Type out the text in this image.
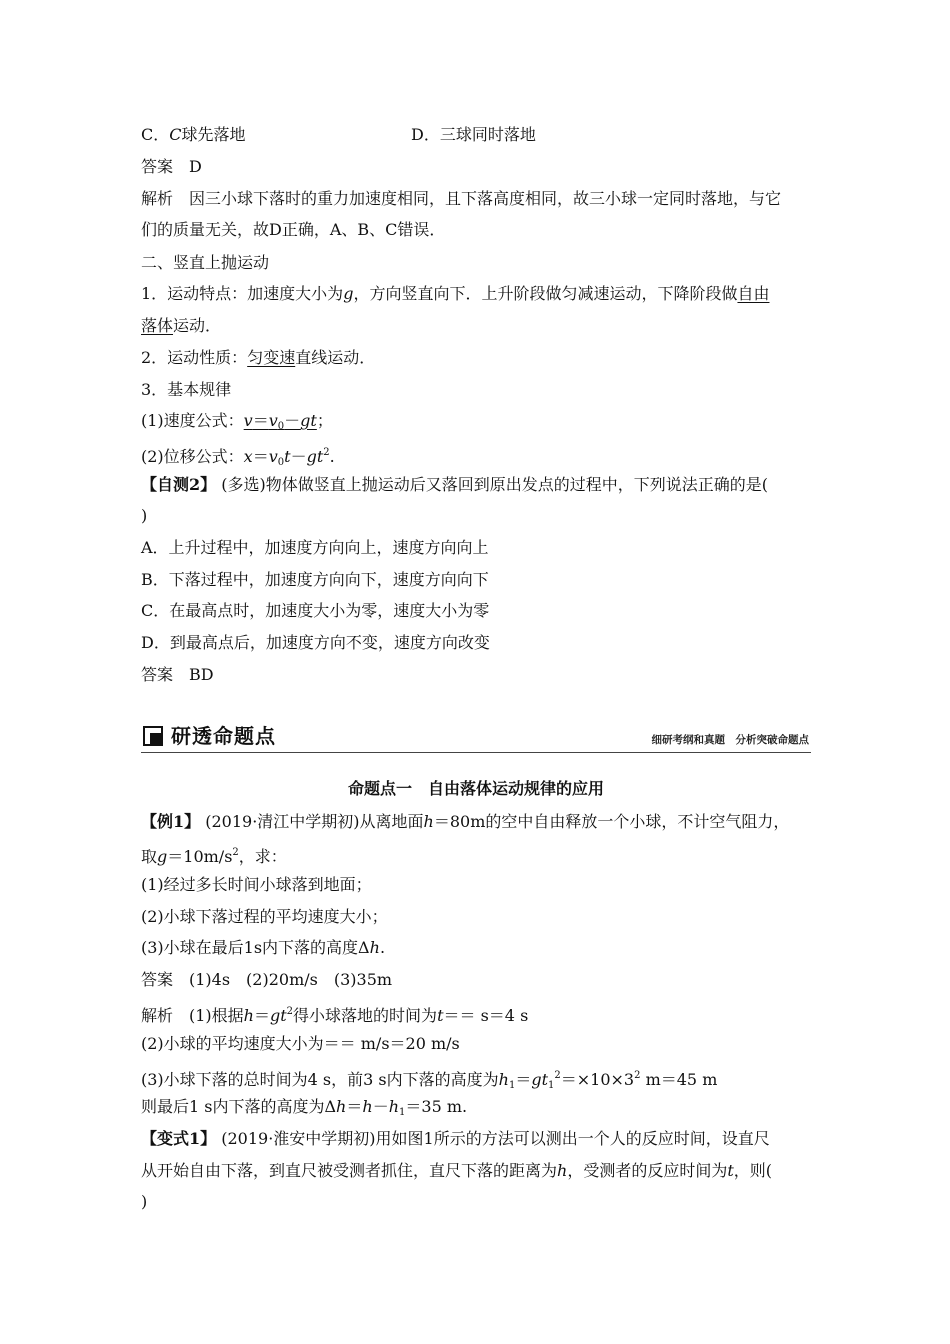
C．C球先落地	D．三球同时落地
答案　D
解析　因三小球下落时的重力加速度相同，且下落高度相同，故三小球一定同时落地，与它
们的质量无关，故D正确，A、B、C错误．
二、竖直上抛运动
1．运动特点：加速度大小为g，方向竖直向下．上升阶段做匀减速运动，下降阶段做自由
落体运动．
2．运动性质：匀变速直线运动．
3．基本规律
(1)速度公式：$v=v_0-gt$；
(2)位移公式：$x=v_0t-gt^2$.
【自测2】 (多选)物体做竖直上抛运动后又落回到原出发点的过程中，下列说法正确的是(
)
A．上升过程中，加速度方向向上，速度方向向上
B．下落过程中，加速度方向向下，速度方向向下
C．在最高点时，加速度大小为零，速度大小为零
D．到最高点后，加速度方向不变，速度方向改变
答案　BD
研透命题点	细研考纲和真题　分析突破命题点
命题点一　自由落体运动规律的应用
【例1】 (2019·清江中学期初)从离地面h＝80m的空中自由释放一个小球，不计空气阻力，
取$g=10m/s^2$，求：
(1)经过多长时间小球落到地面；
(2)小球下落过程的平均速度大小；
(3)小球在最后1s内下落的高度Δh.
答案　(1)4s　(2)20m/s　(3)35m
解析　(1)根据$h=gt^2$得小球落地的时间为t＝＝ s＝4 s
(2)小球的平均速度大小为＝＝ m/s＝20 m/s
(3)小球下落的总时间为4 s，前3 s内下落的高度为$h_1=gt_1^2=\times 10\times 3^2$ m＝45 m
则最后1 s内下落的高度为$\Delta h=h-h_1=35$ m.
【变式1】 (2019·淮安中学期初)用如图1所示的方法可以测出一个人的反应时间，设直尺
从开始自由下落，到直尺被受测者抓住，直尺下落的距离为h，受测者的反应时间为t，则(
)
